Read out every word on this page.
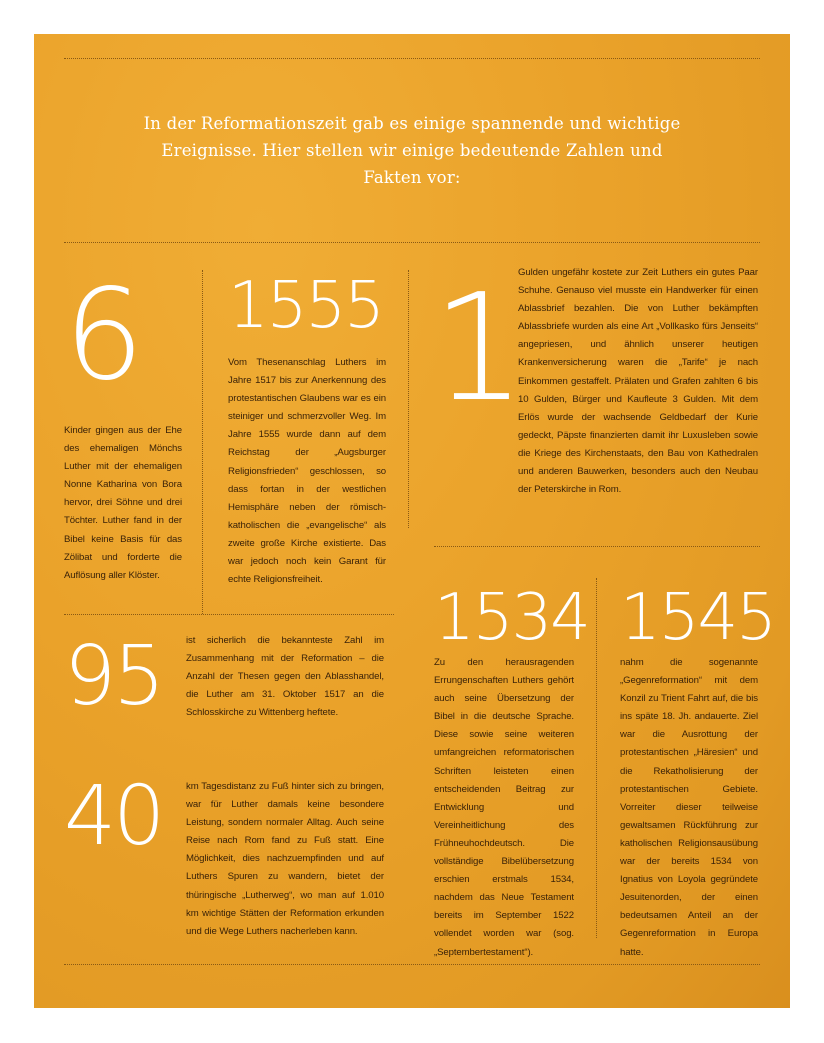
In der Reformationszeit gab es einige spannende und wichtige Ereignisse. Hier stellen wir einige bedeutende Zahlen und Fakten vor:
6
Kinder gingen aus der Ehe des ehemaligen Mönchs Luther mit der ehemaligen Nonne Katharina von Bora hervor, drei Söhne und drei Töchter. Luther fand in der Bibel keine Basis für das Zölibat und forderte die Auflösung aller Klöster.
1555
Vom Thesenanschlag Luthers im Jahre 1517 bis zur Anerkennung des protestantischen Glaubens war es ein steiniger und schmerzvoller Weg. Im Jahre 1555 wurde dann auf dem Reichstag der „Augsburger Religionsfrieden“ geschlossen, so dass fortan in der westlichen Hemisphäre neben der römisch-katholischen die „evangelische“ als zweite große Kirche existierte. Das war jedoch noch kein Garant für echte Religionsfreiheit.
1
Gulden ungefähr kostete zur Zeit Luthers ein gutes Paar Schuhe. Genauso viel musste ein Handwerker für einen Ablassbrief bezahlen. Die von Luther bekämpften Ablassbriefe wurden als eine Art „Vollkasko fürs Jenseits“ angepriesen, und ähnlich unserer heutigen Krankenversicherung waren die „Tarife“ je nach Einkommen gestaffelt. Prälaten und Grafen zahlten 6 bis 10 Gulden, Bürger und Kaufleute 3 Gulden. Mit dem Erlös wurde der wachsende Geldbedarf der Kurie gedeckt, Päpste finanzierten damit ihr Luxusleben sowie die Kriege des Kirchenstaats, den Bau von Kathedralen und anderen Bauwerken, besonders auch den Neubau der Peterskirche in Rom.
95 ist sicherlich die bekannteste Zahl im Zusammenhang mit der Reformation – die Anzahl der Thesen gegen den Ablasshandel, die Luther am 31. Oktober 1517 an die Schlosskirche zu Wittenberg heftete.
1534
Zu den herausragenden Errungenschaften Luthers gehört auch seine Übersetzung der Bibel in die deutsche Sprache. Diese sowie seine weiteren umfangreichen reformatorischen Schriften leisteten einen entscheidenden Beitrag zur Entwicklung und Vereinheitlichung des Frühneuhochdeutsch. Die vollständige Bibelübersetzung erschien erstmals 1534, nachdem das Neue Testament bereits im September 1522 vollendet worden war (sog. „Septembertestament“).
1545
nahm die sogenannte „Gegenreformation“ mit dem Konzil zu Trient Fahrt auf, die bis ins späte 18. Jh. andauerte. Ziel war die Ausrottung der protestantischen „Häresien“ und die Rekatholisierung der protestantischen Gebiete. Vorreiter dieser teilweise gewaltsamen Rückführung zur katholischen Religionsausübung war der bereits 1534 von Ignatius von Loyola gegründete Jesuitenorden, der einen bedeutsamen Anteil an der Gegenreformation in Europa hatte.
40 km Tagesdistanz zu Fuß hinter sich zu bringen, war für Luther damals keine besondere Leistung, sondern normaler Alltag. Auch seine Reise nach Rom fand zu Fuß statt. Eine Möglichkeit, dies nachzuempfinden und auf Luthers Spuren zu wandern, bietet der thüringische „Lutherweg“, wo man auf 1.010 km wichtige Stätten der Reformation erkunden und die Wege Luthers nacherleben kann.
